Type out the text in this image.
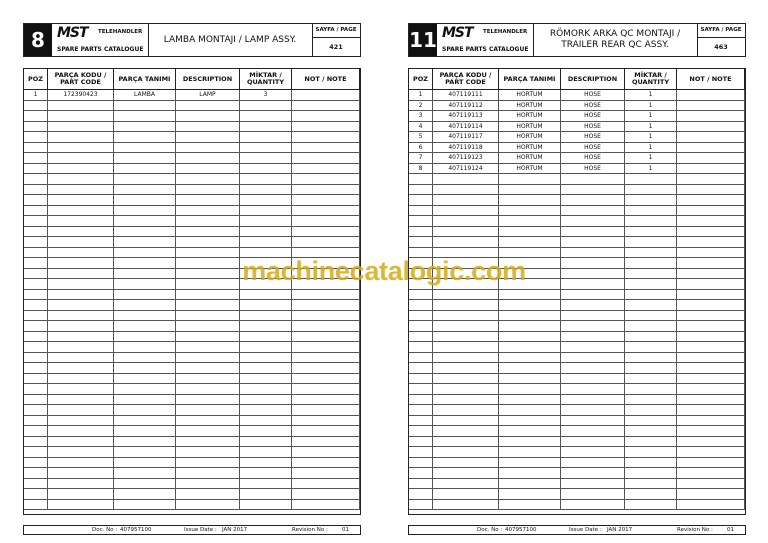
8 MST TELEHANDLER
SPARE PARTS CATALOGUE
LAMBA MONTAJI / LAMP ASSY.
SAYFA / PAGE
421
POZ	PARÇA KODU / PART CODE	PARÇA TANIMI	DESCRIPTION	MİKTAR / QUANTITY	NOT / NOTE
1	172390423	LAMBA	LAMP	3
Doc. No : 407957100	Issue Date : JAN 2017	Revision No :	01
11 MST TELEHANDLER
SPARE PARTS CATALOGUE
RÖMORK ARKA QC MONTAJI / TRAILER REAR QC ASSY.
SAYFA / PAGE
463
POZ	PARÇA KODU / PART CODE	PARÇA TANIMI	DESCRIPTION	MİKTAR / QUANTITY	NOT / NOTE
1	407119111	HORTUM	HOSE	1
2	407119112	HORTUM	HOSE	1
3	407119113	HORTUM	HOSE	1
4	407119114	HORTUM	HOSE	1
5	407119117	HORTUM	HOSE	1
6	407119118	HORTUM	HOSE	1
7	407119123	HORTUM	HOSE	1
8	407119124	HORTUM	HOSE	1
Doc. No : 407957100	Issue Date : JAN 2017	Revision No :	01
machinecatalogic.com
